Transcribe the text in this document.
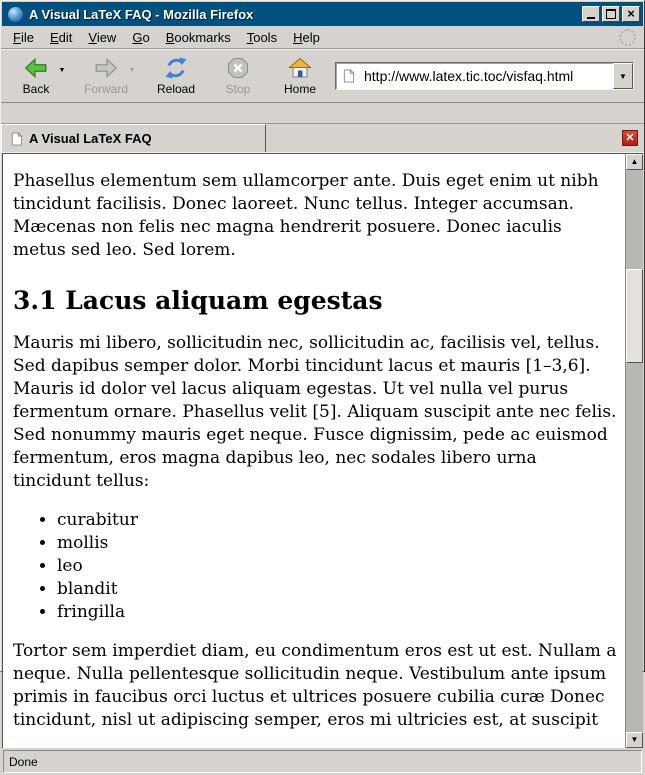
A Visual LaTeX FAQ - Mozilla Firefox	×
File	Edit	View	Go	Bookmarks	Tools	Help
Back
▼
Forward
▼
Reload	Stop	Home
http://www.latex.tic.toc/visfaq.html
▼
A Visual LaTeX FAQ	✕

Phasellus elementum sem ullamcorper ante. Duis eget enim ut nibh tincidunt facilisis. Donec laoreet. Nunc tellus. Integer accumsan. Mæcenas non felis nec magna hendrerit posuere. Donec iaculis metus sed leo. Sed lorem.

3.1 Lacus aliquam egestas

Mauris mi libero, sollicitudin nec, sollicitudin ac, facilisis vel, tellus. Sed dapibus semper dolor. Morbi tincidunt lacus et mauris [1–3,6]. Mauris id dolor vel lacus aliquam egestas. Ut vel nulla vel purus fermentum ornare. Phasellus velit [5]. Aliquam suscipit ante nec felis. Sed nonummy mauris eget neque. Fusce dignissim, pede ac euismod fermentum, eros magna dapibus leo, nec sodales libero urna tincidunt tellus:

• curabitur
• mollis
• leo
• blandit
• fringilla

Tortor sem imperdiet diam, eu condimentum eros est ut est. Nullam a neque. Nulla pellentesque sollicitudin neque. Vestibulum ante ipsum primis in faucibus orci luctus et ultrices posuere cubilia curæ Donec tincidunt, nisl ut adipiscing semper, eros mi ultricies est, at suscipit

▲
▼
Done
